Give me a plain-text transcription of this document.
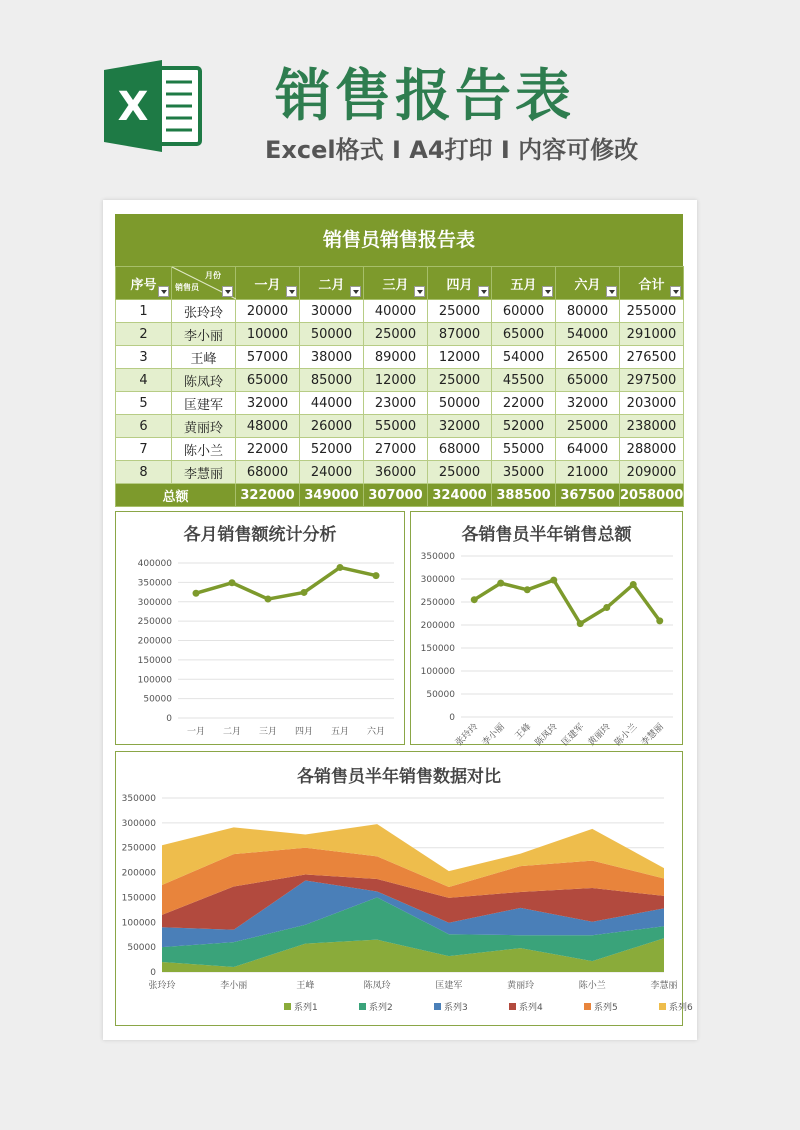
X 销售报告表
Excel格式 I A4打印 I 内容可修改
销售员销售报告表
序号	月份
销售员	一月	二月	三月	四月	五月	六月	合计

1	张玲玲	20000	30000	40000	25000	60000	80000	255000
2	李小丽	10000	50000	25000	87000	65000	54000	291000
3	王峰	57000	38000	89000	12000	54000	26500	276500
4	陈凤玲	65000	85000	12000	25000	45500	65000	297500
5	匡建军	32000	44000	23000	50000	22000	32000	203000
6	黄丽玲	48000	26000	55000	32000	52000	25000	238000
7	陈小兰	22000	52000	27000	68000	55000	64000	288000
8	李慧丽	68000	24000	36000	25000	35000	21000	209000
总额		322000	349000	307000	324000	388500	367500	2058000
各月销售额统计分析
400000
350000
300000
250000
200000
150000
100000
50000
0
一月 二月 三月 四月 五月 六月
各销售员半年销售总额
350000
300000
250000
200000
150000
100000
50000
0
张玲玲 李小丽 王峰 陈凤玲 匡建军 黄丽玲 陈小兰 李慧丽
各销售员半年销售数据对比
350000
300000
250000
200000
150000
100000
50000
0
张玲玲	李小丽	王峰	陈凤玲	匡建军	黄丽玲	陈小兰	李慧丽
系列1	系列2	系列3	系列4	系列5	系列6
